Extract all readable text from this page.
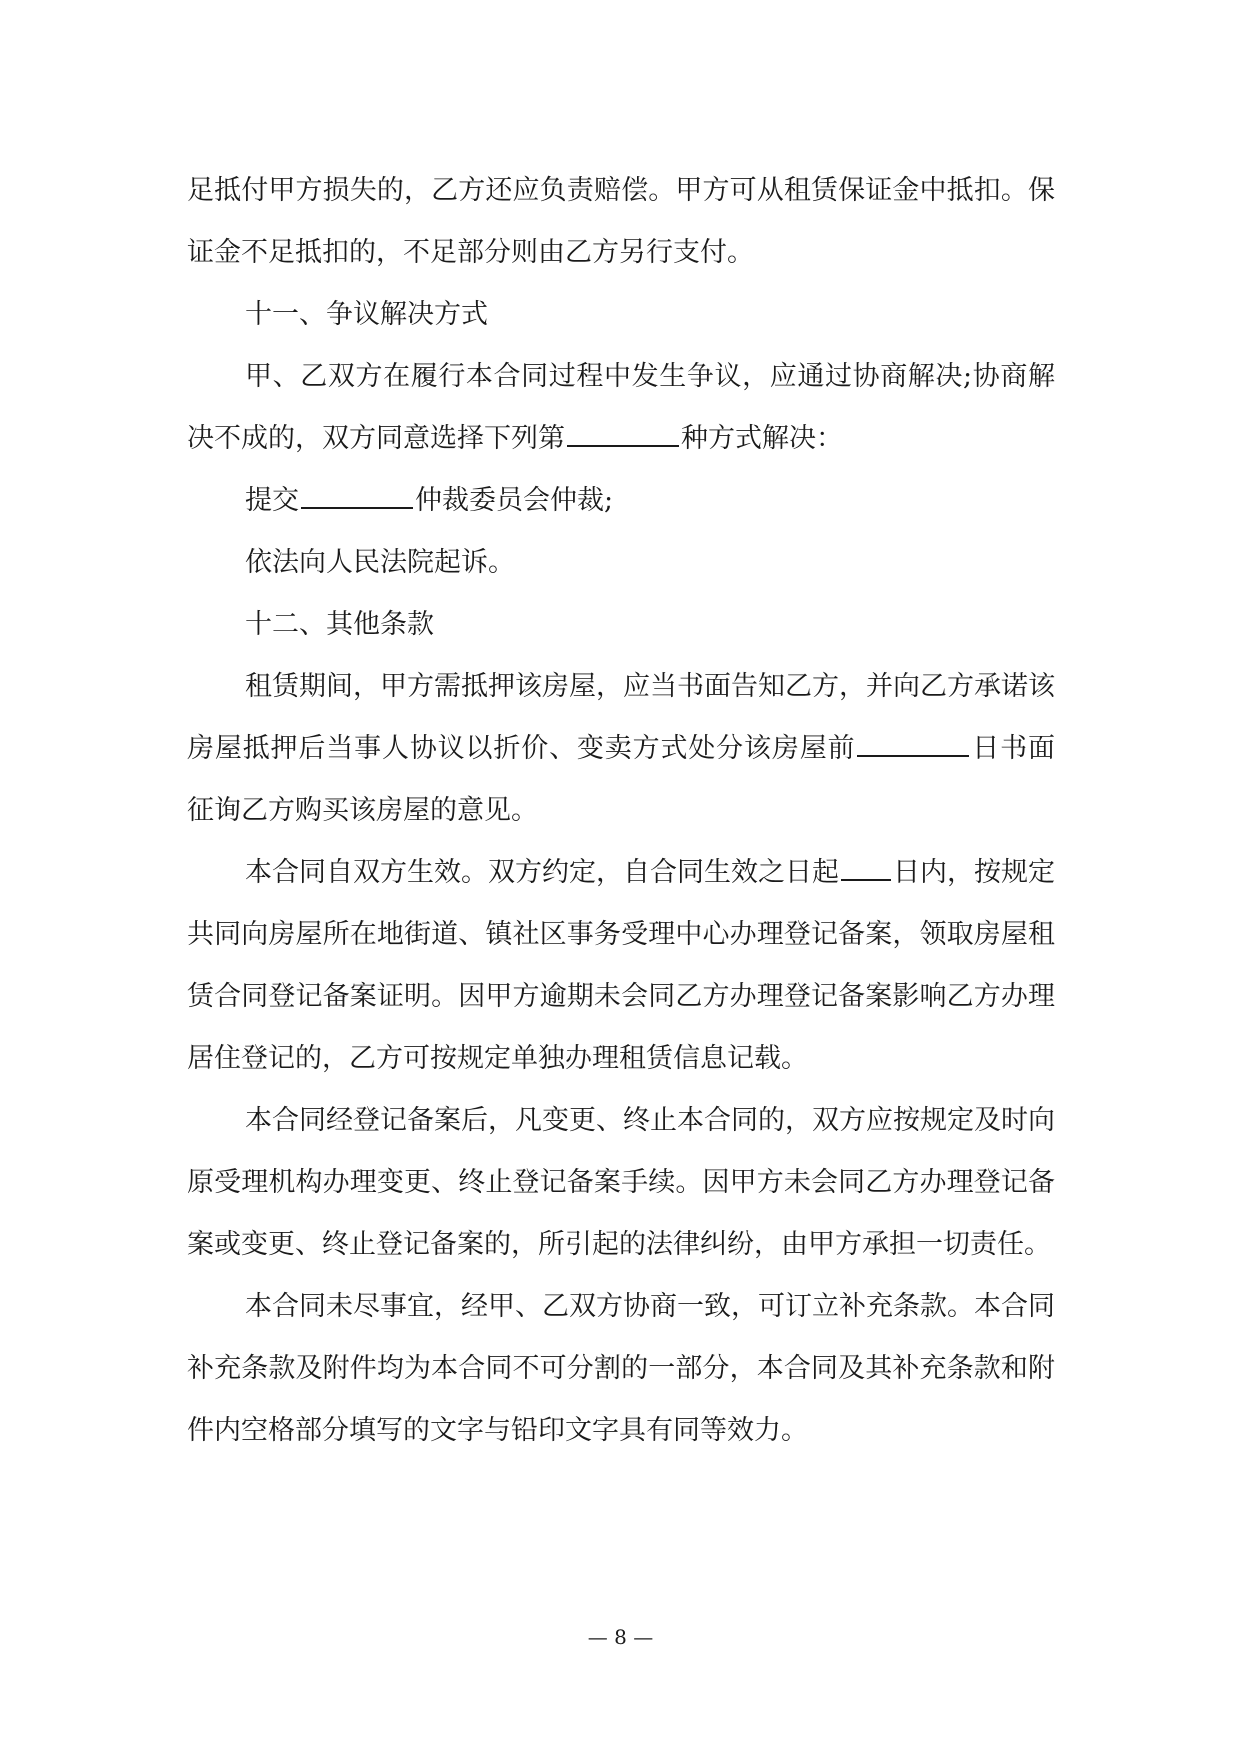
足抵付甲方损失的，乙方还应负责赔偿。甲方可从租赁保证金中抵扣。保证金不足抵扣的，不足部分则由乙方另行支付。

十一、争议解决方式

甲、乙双方在履行本合同过程中发生争议，应通过协商解决;协商解决不成的，双方同意选择下列第	种方式解决：

提交	仲裁委员会仲裁;

依法向人民法院起诉。

十二、其他条款

租赁期间，甲方需抵押该房屋，应当书面告知乙方，并向乙方承诺该房屋抵押后当事人协议以折价、变卖方式处分该房屋前	日书面征询乙方购买该房屋的意见。

本合同自双方生效。双方约定，自合同生效之日起 日内，按规定共同向房屋所在地街道、镇社区事务受理中心办理登记备案，领取房屋租赁合同登记备案证明。因甲方逾期未会同乙方办理登记备案影响乙方办理居住登记的，乙方可按规定单独办理租赁信息记载。

本合同经登记备案后，凡变更、终止本合同的，双方应按规定及时向原受理机构办理变更、终止登记备案手续。因甲方未会同乙方办理登记备案或变更、终止登记备案的，所引起的法律纠纷，由甲方承担一切责任。

本合同未尽事宜，经甲、乙双方协商一致，可订立补充条款。本合同补充条款及附件均为本合同不可分割的一部分，本合同及其补充条款和附件内空格部分填写的文字与铅印文字具有同等效力。

— 8 —
